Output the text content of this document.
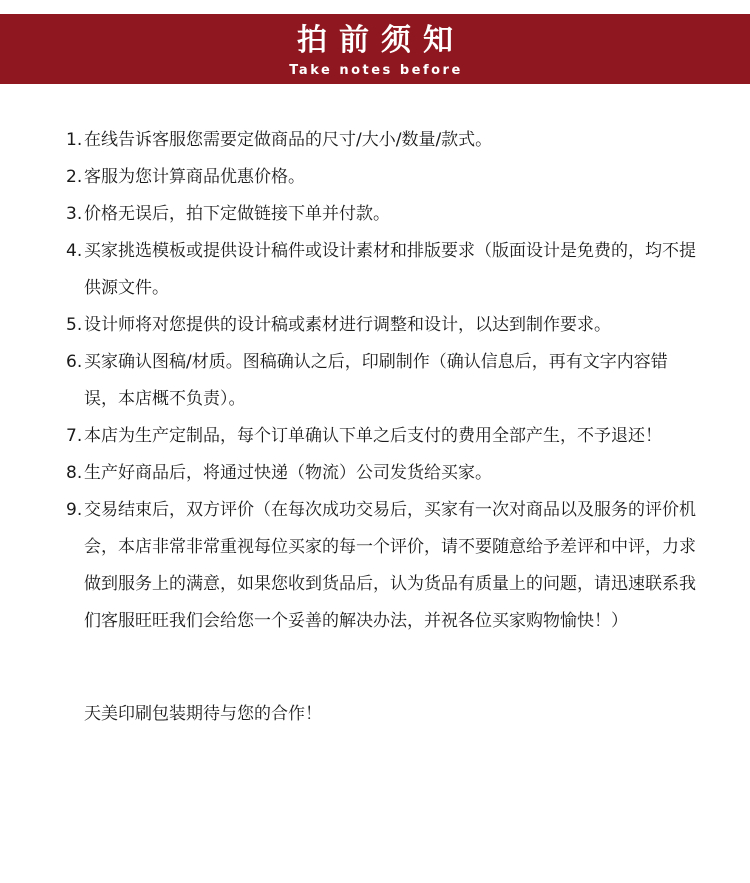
拍前须知
Take notes before
1. 在线告诉客服您需要定做商品的尺寸/大小/数量/款式。
2. 客服为您计算商品优惠价格。
3. 价格无误后，拍下定做链接下单并付款。
4. 买家挑选模板或提供设计稿件或设计素材和排版要求（版面设计是免费的，均不提供源文件。
5. 设计师将对您提供的设计稿或素材进行调整和设计，以达到制作要求。
6. 买家确认图稿/材质。图稿确认之后，印刷制作（确认信息后，再有文字内容错误，本店概不负责）。
7. 本店为生产定制品，每个订单确认下单之后支付的费用全部产生，不予退还！
8. 生产好商品后，将通过快递（物流）公司发货给买家。
9. 交易结束后，双方评价（在每次成功交易后，买家有一次对商品以及服务的评价机会，本店非常非常重视每位买家的每一个评价，请不要随意给予差评和中评，力求做到服务上的满意，如果您收到货品后，认为货品有质量上的问题，请迅速联系我们客服旺旺我们会给您一个妥善的解决办法，并祝各位买家购物愉快！）
天美印刷包装期待与您的合作！
